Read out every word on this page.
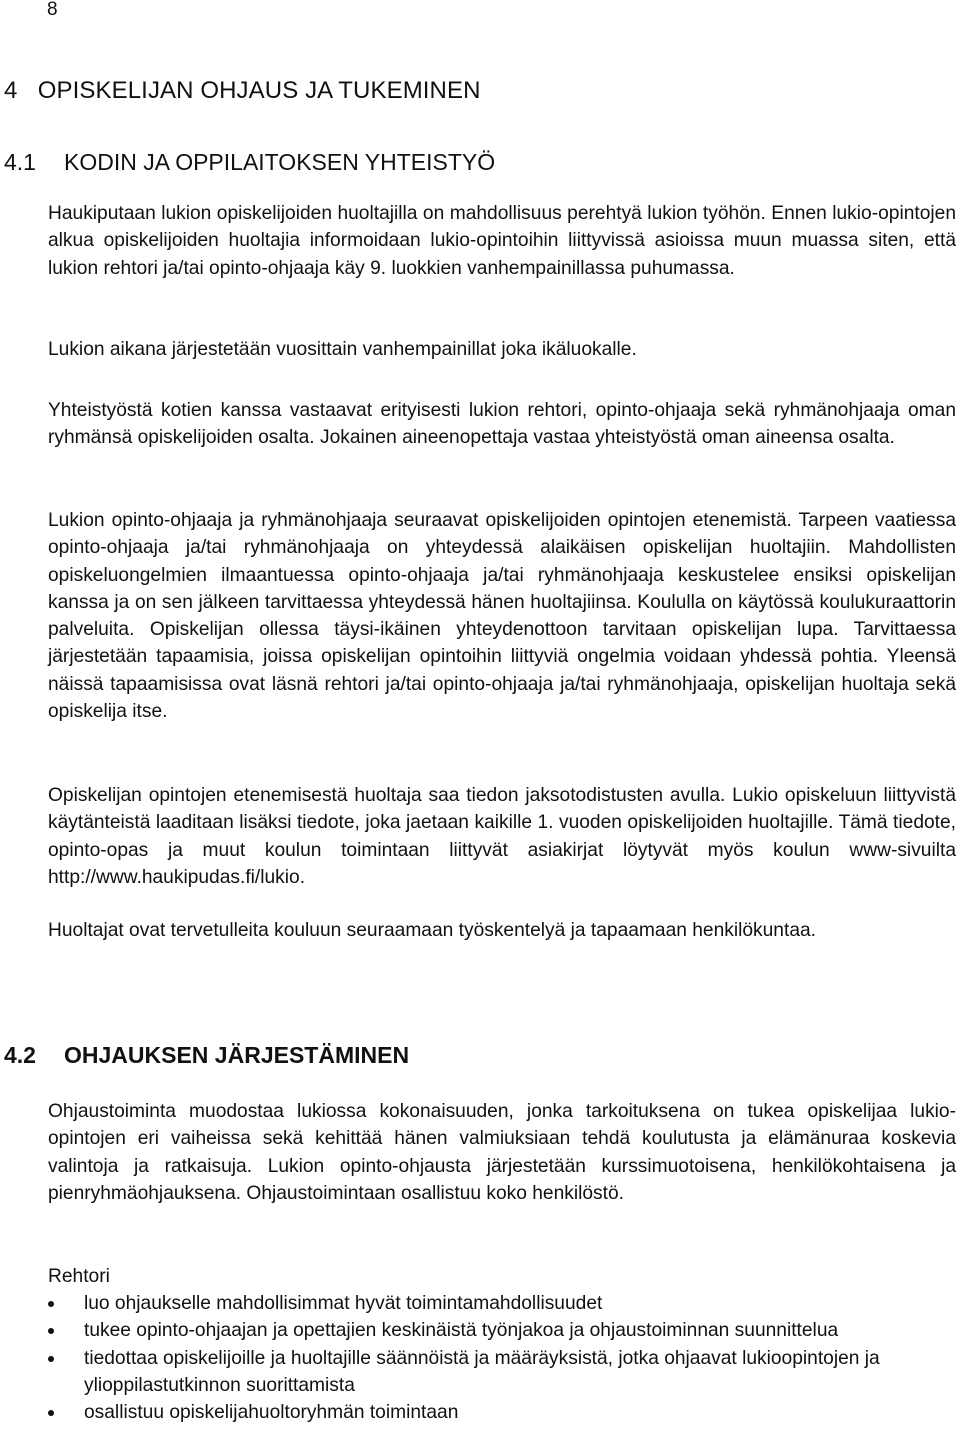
8
4 OPISKELIJAN OHJAUS JA TUKEMINEN
4.1 KODIN JA OPPILAITOKSEN YHTEISTYÖ

Haukiputaan lukion opiskelijoiden huoltajilla on mahdollisuus perehtyä lukion työhön. Ennen lukio-opintojen alkua opiskelijoiden huoltajia informoidaan lukio-opintoihin liittyvissä asioissa muun muassa siten, että lukion rehtori ja/tai opinto-ohjaaja käy 9. luokkien vanhempainillassa puhumassa.

Lukion aikana järjestetään vuosittain vanhempainillat joka ikäluokalle.

Yhteistyöstä kotien kanssa vastaavat erityisesti lukion rehtori, opinto-ohjaaja sekä ryhmänohjaaja oman ryhmänsä opiskelijoiden osalta. Jokainen aineenopettaja vastaa yhteistyöstä oman aineensa osalta.

Lukion opinto-ohjaaja ja ryhmänohjaaja seuraavat opiskelijoiden opintojen etenemistä. Tarpeen vaatiessa opinto-ohjaaja ja/tai ryhmänohjaaja on yhteydessä alaikäisen opiskelijan huoltajiin. Mahdollisten opiskeluongelmien ilmaantuessa opinto-ohjaaja ja/tai ryhmänohjaaja keskustelee ensiksi opiskelijan kanssa ja on sen jälkeen tarvittaessa yhteydessä hänen huoltajiinsa. Koululla on käytössä koulukuraattorin palveluita. Opiskelijan ollessa täysi-ikäinen yhteydenottoon tarvitaan opiskelijan lupa. Tarvittaessa järjestetään tapaamisia, joissa opiskelijan opintoihin liittyviä ongelmia voidaan yhdessä pohtia. Yleensä näissä tapaamisissa ovat läsnä rehtori ja/tai opinto-ohjaaja ja/tai ryhmänohjaaja, opiskelijan huoltaja sekä opiskelija itse.

Opiskelijan opintojen etenemisestä huoltaja saa tiedon jaksotodistusten avulla. Lukio opiskeluun liittyvistä käytänteistä laaditaan lisäksi tiedote, joka jaetaan kaikille 1. vuoden opiskelijoiden huoltajille. Tämä tiedote, opinto-opas ja muut koulun toimintaan liittyvät asiakirjat löytyvät myös koulun www-sivuilta http://www.haukipudas.fi/lukio.

Huoltajat ovat tervetulleita kouluun seuraamaan työskentelyä ja tapaamaan henkilökuntaa.

4.2 OHJAUKSEN JÄRJESTÄMINEN

Ohjaustoiminta muodostaa lukiossa kokonaisuuden, jonka tarkoituksena on tukea opiskelijaa lukio-opintojen eri vaiheissa sekä kehittää hänen valmiuksiaan tehdä koulutusta ja elämänuraa koskevia valintoja ja ratkaisuja. Lukion opinto-ohjausta järjestetään kurssimuotoisena, henkilökohtaisena ja pienryhmäohjauksena. Ohjaustoimintaan osallistuu koko henkilöstö.

Rehtori

luo ohjaukselle mahdollisimmat hyvät toimintamahdollisuudet
tukee opinto-ohjaajan ja opettajien keskinäistä työnjakoa ja ohjaustoiminnan suunnittelua
tiedottaa opiskelijoille ja huoltajille säännöistä ja määräyksistä, jotka ohjaavat lukioopintojen ja ylioppilastutkinnon suorittamista
osallistuu opiskelijahuoltoryhmän toimintaan
